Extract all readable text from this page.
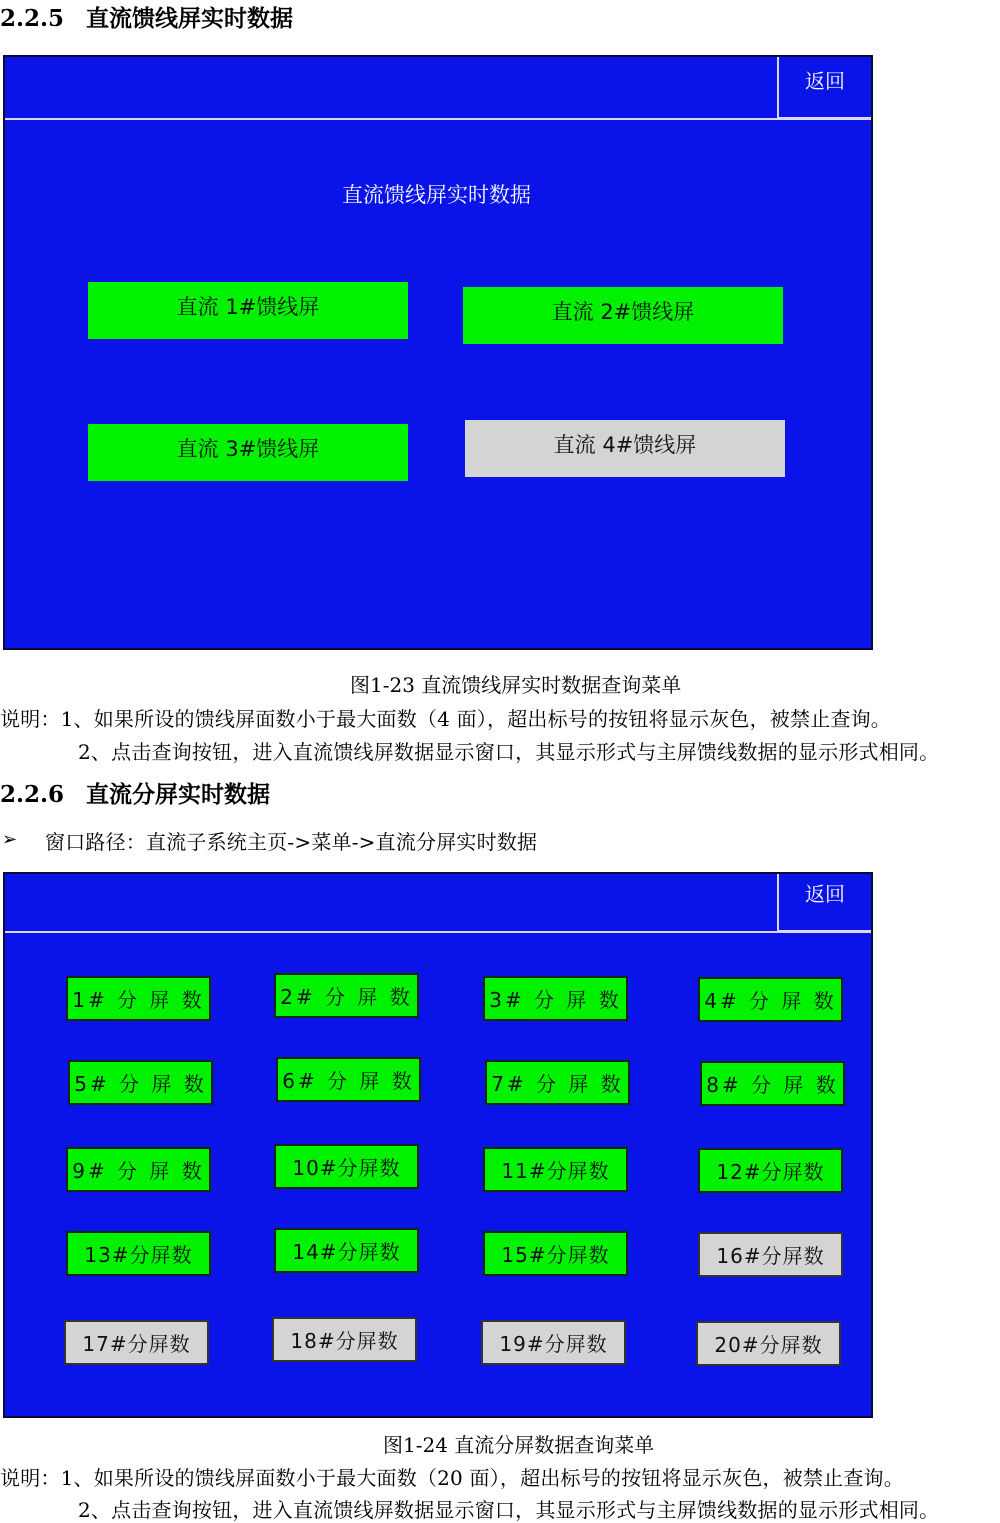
2.2.5 直流馈线屏实时数据
返回
直流馈线屏实时数据
直流 1#馈线屏	直流 2#馈线屏
直流 3#馈线屏	直流 4#馈线屏
图1-23 直流馈线屏实时数据查询菜单
说明：1、如果所设的馈线屏面数小于最大面数（4 面），超出标号的按钮将显示灰色，被禁止查询。
2、点击查询按钮，进入直流馈线屏数据显示窗口，其显示形式与主屏馈线数据的显示形式相同。
2.2.6 直流分屏实时数据
➢ 窗口路径：直流子系统主页->菜单->直流分屏实时数据
返回
1# 分 屏 数	2# 分 屏 数	3# 分 屏 数	4# 分 屏 数
5# 分 屏 数	6# 分 屏 数	7# 分 屏 数	8# 分 屏 数
9# 分 屏 数	10#分屏数	11#分屏数	12#分屏数
13#分屏数	14#分屏数	15#分屏数	16#分屏数
17#分屏数	18#分屏数	19#分屏数	20#分屏数
图1-24 直流分屏数据查询菜单
说明：1、如果所设的馈线屏面数小于最大面数（20 面），超出标号的按钮将显示灰色，被禁止查询。
2、点击查询按钮，进入直流馈线屏数据显示窗口，其显示形式与主屏馈线数据的显示形式相同。
